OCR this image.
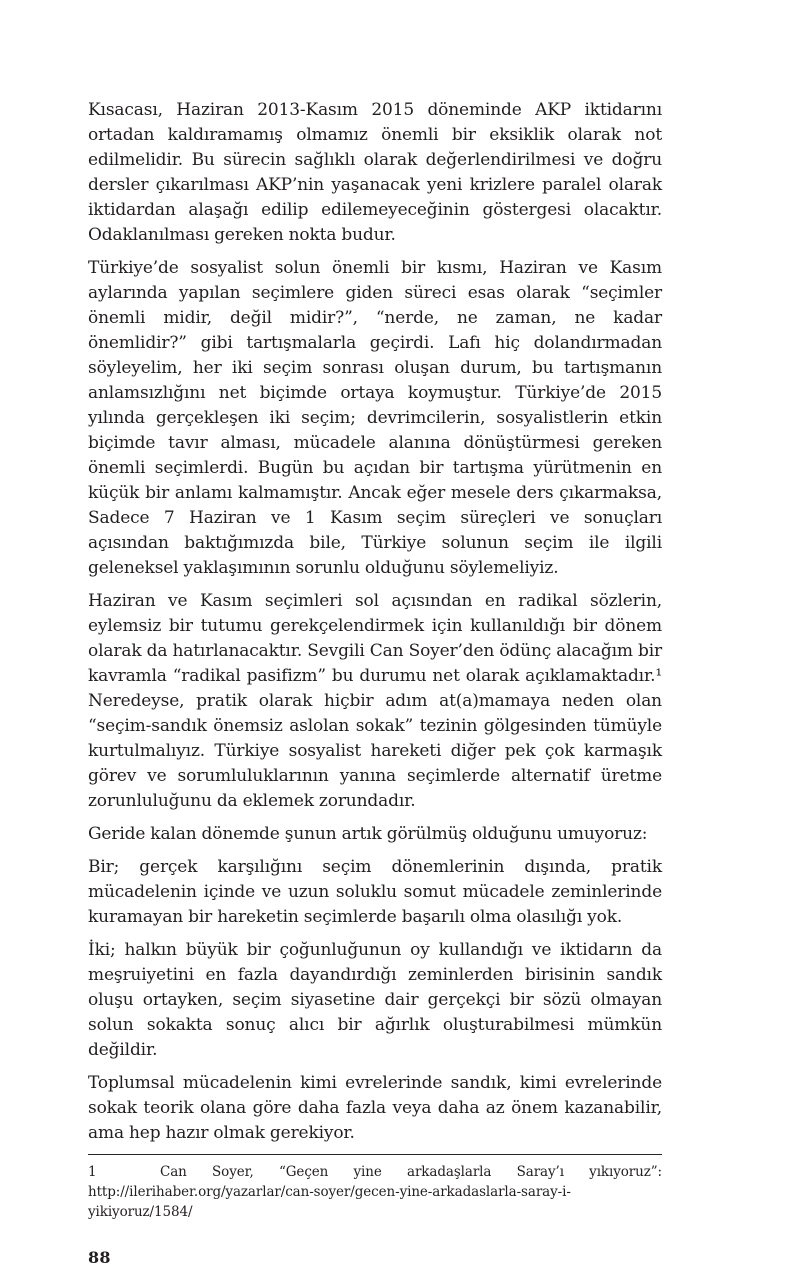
Kısacası, Haziran 2013-Kasım 2015 döneminde AKP iktidarını ortadan kaldıramamış olmamız önemli bir eksiklik olarak not edilmelidir. Bu sürecin sağlıklı olarak değerlendirilmesi ve doğru dersler çıkarılması AKP’nin yaşanacak yeni krizlere paralel olarak iktidardan alaşağı edilip edilemeyeceğinin göstergesi olacaktır. Odaklanılması gereken nokta budur.

Türkiye’de sosyalist solun önemli bir kısmı, Haziran ve Kasım aylarında yapılan seçimlere giden süreci esas olarak “seçimler önemli midir, değil midir?”, “nerde, ne zaman, ne kadar önemlidir?” gibi tartışmalarla geçirdi. Lafı hiç dolandırmadan söyleyelim, her iki seçim sonrası oluşan durum, bu tartışmanın anlamsızlığını net biçimde ortaya koymuştur. Türkiye’de 2015 yılında gerçekleşen iki seçim; devrimcilerin, sosyalistlerin etkin biçimde tavır alması, mücadele alanına dönüştürmesi gereken önemli seçimlerdi. Bugün bu açıdan bir tartışma yürütmenin en küçük bir anlamı kalmamıştır. Ancak eğer mesele ders çıkarmaksa, Sadece 7 Haziran ve 1 Kasım seçim süreçleri ve sonuçları açısından baktığımızda bile, Türkiye solunun seçim ile ilgili geleneksel yaklaşımının sorunlu olduğunu söylemeliyiz.

Haziran ve Kasım seçimleri sol açısından en radikal sözlerin, eylemsiz bir tutumu gerekçelendirmek için kullanıldığı bir dönem olarak da hatırlanacaktır. Sevgili Can Soyer’den ödünç alacağım bir kavramla “radikal pasifizm” bu durumu net olarak açıklamaktadır.¹ Neredeyse, pratik olarak hiçbir adım at(a)mamaya neden olan “seçim-sandık önemsiz aslolan sokak” tezinin gölgesinden tümüyle kurtulmalıyız. Türkiye sosyalist hareketi diğer pek çok karmaşık görev ve sorumluluklarının yanına seçimlerde alternatif üretme zorunluluğunu da eklemek zorundadır.

Geride kalan dönemde şunun artık görülmüş olduğunu umuyoruz:

Bir; gerçek karşılığını seçim dönemlerinin dışında, pratik mücadelenin içinde ve uzun soluklu somut mücadele zeminlerinde kuramayan bir hareketin seçimlerde başarılı olma olasılığı yok.

İki; halkın büyük bir çoğunluğunun oy kullandığı ve iktidarın da meşruiyetini en fazla dayandırdığı zeminlerden birisinin sandık oluşu ortayken, seçim siyasetine dair gerçekçi bir sözü olmayan solun sokakta sonuç alıcı bir ağırlık oluşturabilmesi mümkün değildir.

Toplumsal mücadelenin kimi evrelerinde sandık, kimi evrelerinde sokak teorik olana göre daha fazla veya daha az önem kazanabilir, ama hep hazır olmak gerekiyor.

1	Can Soyer, “Geçen yine arkadaşlarla Saray’ı yıkıyoruz”: http://ilerihaber.org/yazarlar/can-soyer/gecen-yine-arkadaslarla-saray-i-yikiyoruz/1584/
88
